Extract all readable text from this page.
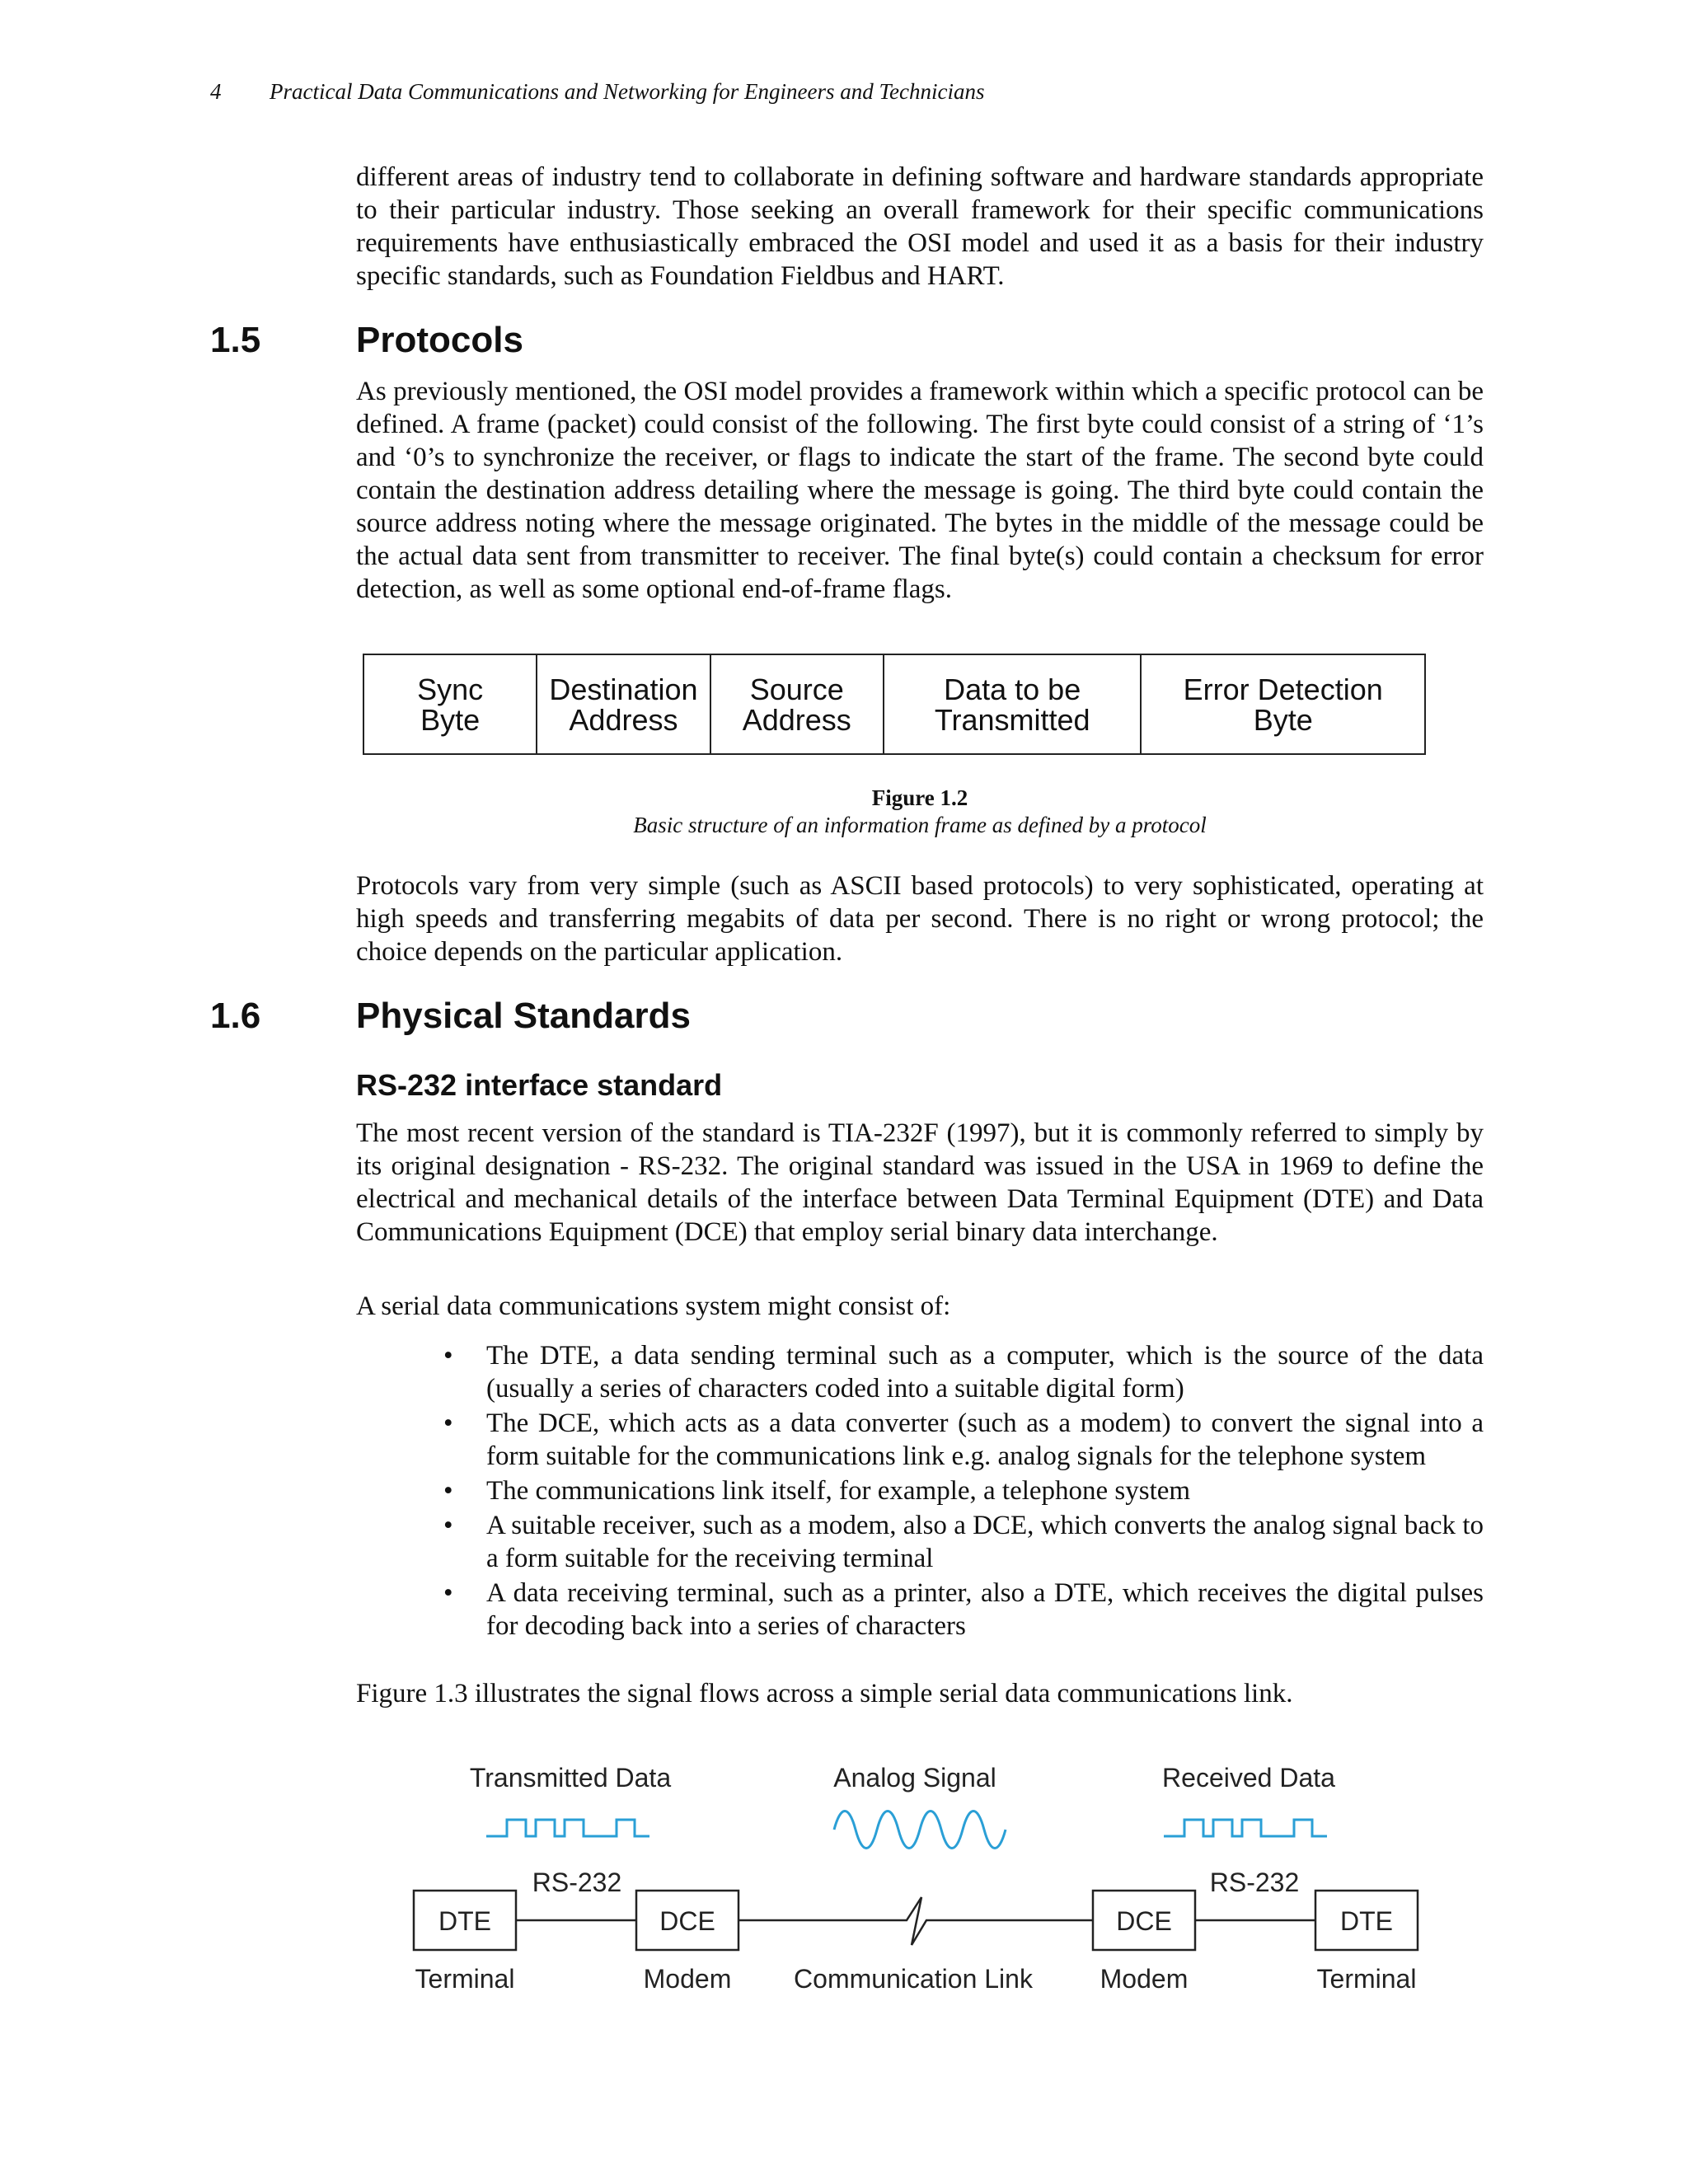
4 Practical Data Communications and Networking for Engineers and Technicians
different areas of industry tend to collaborate in defining software and hardware standards appropriate to their particular industry. Those seeking an overall framework for their specific communications requirements have enthusiastically embraced the OSI model and used it as a basis for their industry specific standards, such as Foundation Fieldbus and HART.
1.5	Protocols
As previously mentioned, the OSI model provides a framework within which a specific protocol can be defined. A frame (packet) could consist of the following. The first byte could consist of a string of ‘1’s and ‘0’s to synchronize the receiver, or flags to indicate the start of the frame. The second byte could contain the destination address detailing where the message is going. The third byte could contain the source address noting where the message originated. The bytes in the middle of the message could be the actual data sent from transmitter to receiver. The final byte(s) could contain a checksum for error detection, as well as some optional end-of-frame flags.
Sync
Byte	Destination
Address	Source
Address	Data to be
Transmitted	Error Detection
Byte
Figure 1.2
Basic structure of an information frame as defined by a protocol
Protocols vary from very simple (such as ASCII based protocols) to very sophisticated, operating at high speeds and transferring megabits of data per second. There is no right or wrong protocol; the choice depends on the particular application.
1.6	Physical Standards
RS-232 interface standard
The most recent version of the standard is TIA-232F (1997), but it is commonly referred to simply by its original designation - RS-232. The original standard was issued in the USA in 1969 to define the electrical and mechanical details of the interface between Data Terminal Equipment (DTE) and Data Communications Equipment (DCE) that employ serial binary data interchange.
A serial data communications system might consist of:
• The DTE, a data sending terminal such as a computer, which is the source of the data (usually a series of characters coded into a suitable digital form)
• The DCE, which acts as a data converter (such as a modem) to convert the signal into a form suitable for the communications link e.g. analog signals for the telephone system
• The communications link itself, for example, a telephone system
• A suitable receiver, such as a modem, also a DCE, which converts the analog signal back to a form suitable for the receiving terminal
• A data receiving terminal, such as a printer, also a DTE, which receives the digital pulses for decoding back into a series of characters
Figure 1.3 illustrates the signal flows across a simple serial data communications link.
Transmitted Data	Analog Signal	Received Data
RS-232	RS-232
DTE	DCE	DCE	DTE
Terminal	Modem Communication Link	Modem	Terminal
